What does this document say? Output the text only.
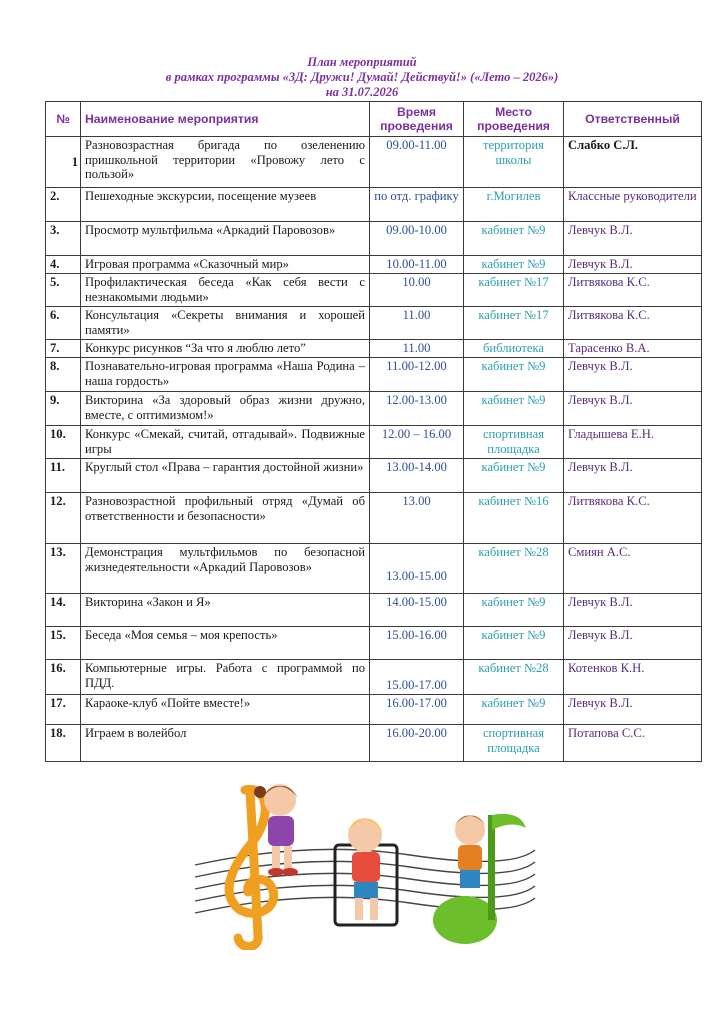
План мероприятий
в рамках программы «3Д: Дружи! Думай! Действуй!» («Лето – 2026»)
на 31.07.2026
№	Наименование мероприятия	Время проведения	Место проведения	Ответственный
1	Разновозрастная бригада по озеленению пришкольной территории «Провожу лето с пользой»	09.00-11.00	территория школы	Слабко С.Л.
2.	Пешеходные экскурсии, посещение музеев	по отд. графику	г.Могилев	Классные руководители
3.	Просмотр мультфильма «Аркадий Паровозов»	09.00-10.00	кабинет №9	Левчук В.Л.
4.	Игровая программа «Сказочный мир»	10.00-11.00	кабинет №9	Левчук В.Л.
5.	Профилактическая беседа «Как себя вести с незнакомыми людьми»	10.00	кабинет №17	Литвякова К.С.
6.	Консультация «Секреты внимания и хорошей памяти»	11.00	кабинет №17	Литвякова К.С.
7.	Конкурс рисунков “За что я люблю лето”	11.00	библиотека	Тарасенко В.А.
8.	Познавательно-игровая программа «Наша Родина – наша гордость»	11.00-12.00	кабинет №9	Левчук В.Л.
9.	Викторина «За здоровый образ жизни дружно, вместе, с оптимизмом!»	12.00-13.00	кабинет №9	Левчук В.Л.
10.	Конкурс «Смекай, считай, отгадывай». Подвижные игры	12.00 – 16.00	спортивная площадка	Гладышева Е.Н.
11.	Круглый стол «Права – гарантия достойной жизни»	13.00-14.00	кабинет №9	Левчук В.Л.
12.	Разновозрастной профильный отряд «Думай об ответственности и безопасности»	13.00	кабинет №16	Литвякова К.С.
13.	Демонстрация мультфильмов по безопасной жизнедеятельности «Аркадий Паровозов»	13.00-15.00	кабинет №28	Смиян А.С.
14.	Викторина «Закон и Я»	14.00-15.00	кабинет №9	Левчук В.Л.
15.	Беседа «Моя семья – моя крепость»	15.00-16.00	кабинет №9	Левчук В.Л.
16.	Компьютерные игры. Работа с программой по ПДД.	15.00-17.00	кабинет №28	Котенков К.Н.
17.	Караоке-клуб «Пойте вместе!»	16.00-17.00	кабинет №9	Левчук В.Л.
18.	Играем в волейбол	16.00-20.00	спортивная площадка	Потапова С.С.
